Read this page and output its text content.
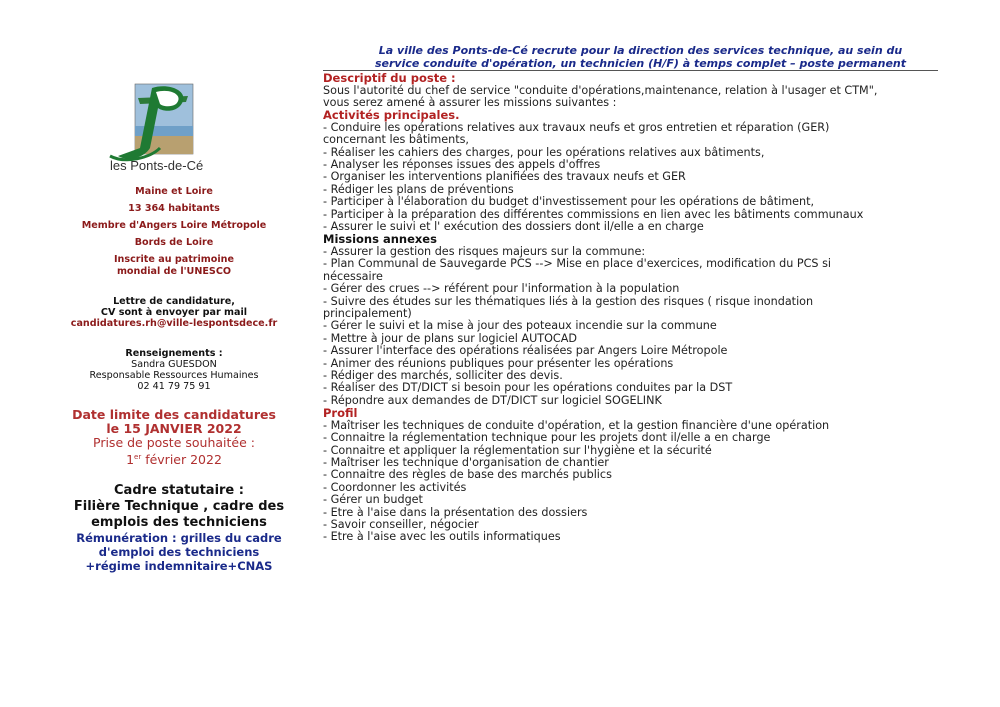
les Ponts-de-Cé
Maine et Loire
13 364 habitants
Membre d'Angers Loire Métropole
Bords de Loire
Inscrite au patrimoine
mondial de l'UNESCO
Lettre de candidature,
CV sont à envoyer par mail
candidatures.rh@ville-lespontsdece.fr
Renseignements :
Sandra GUESDON
Responsable Ressources Humaines
02 41 79 75 91
Date limite des candidatures
le 15 JANVIER 2022
Prise de poste souhaitée :
1er février 2022
Cadre statutaire :
Filière Technique , cadre des
emplois des techniciens
Rémunération : grilles du cadre
d'emploi des techniciens
+régime indemnitaire+CNAS
La ville des Ponts-de-Cé recrute pour la direction des services technique, au sein du
service conduite d'opération, un technicien (H/F) à temps complet – poste permanent
Descriptif du poste :
Sous l'autorité du chef de service "conduite d'opérations,maintenance, relation à l'usager et CTM",
vous serez amené à assurer les missions suivantes :
Activités principales.
- Conduire les opérations relatives aux travaux neufs et gros entretien et réparation (GER)
concernant les bâtiments,
- Réaliser les cahiers des charges, pour les opérations relatives aux bâtiments,
- Analyser les réponses issues des appels d'offres
- Organiser les interventions planifiées des travaux neufs et GER
- Rédiger les plans de préventions
- Participer à l'élaboration du budget d'investissement pour les opérations de bâtiment,
- Participer à la préparation des différentes commissions en lien avec les bâtiments communaux
- Assurer le suivi et l' exécution des dossiers dont il/elle a en charge
Missions annexes
- Assurer la gestion des risques majeurs sur la commune:
- Plan Communal de Sauvegarde PCS --> Mise en place d'exercices, modification du PCS si
nécessaire
- Gérer des crues --> référent pour l'information à la population
- Suivre des études sur les thématiques liés à la gestion des risques ( risque inondation
principalement)
- Gérer le suivi et la mise à jour des poteaux incendie sur la commune
- Mettre à jour de plans sur logiciel AUTOCAD
- Assurer l'interface des opérations réalisées par Angers Loire Métropole
- Animer des réunions publiques pour présenter les opérations
- Rédiger des marchés, solliciter des devis.
- Réaliser des DT/DICT si besoin pour les opérations conduites par la DST
- Répondre aux demandes de DT/DICT sur logiciel SOGELINK
Profil
- Maîtriser les techniques de conduite d'opération, et la gestion financière d'une opération
- Connaitre la réglementation technique pour les projets dont il/elle a en charge
- Connaitre et appliquer la réglementation sur l'hygiène et la sécurité
- Maîtriser les technique d'organisation de chantier
- Connaitre des règles de base des marchés publics
- Coordonner les activités
- Gérer un budget
- Etre à l'aise dans la présentation des dossiers
- Savoir conseiller, négocier
- Etre à l'aise avec les outils informatiques
